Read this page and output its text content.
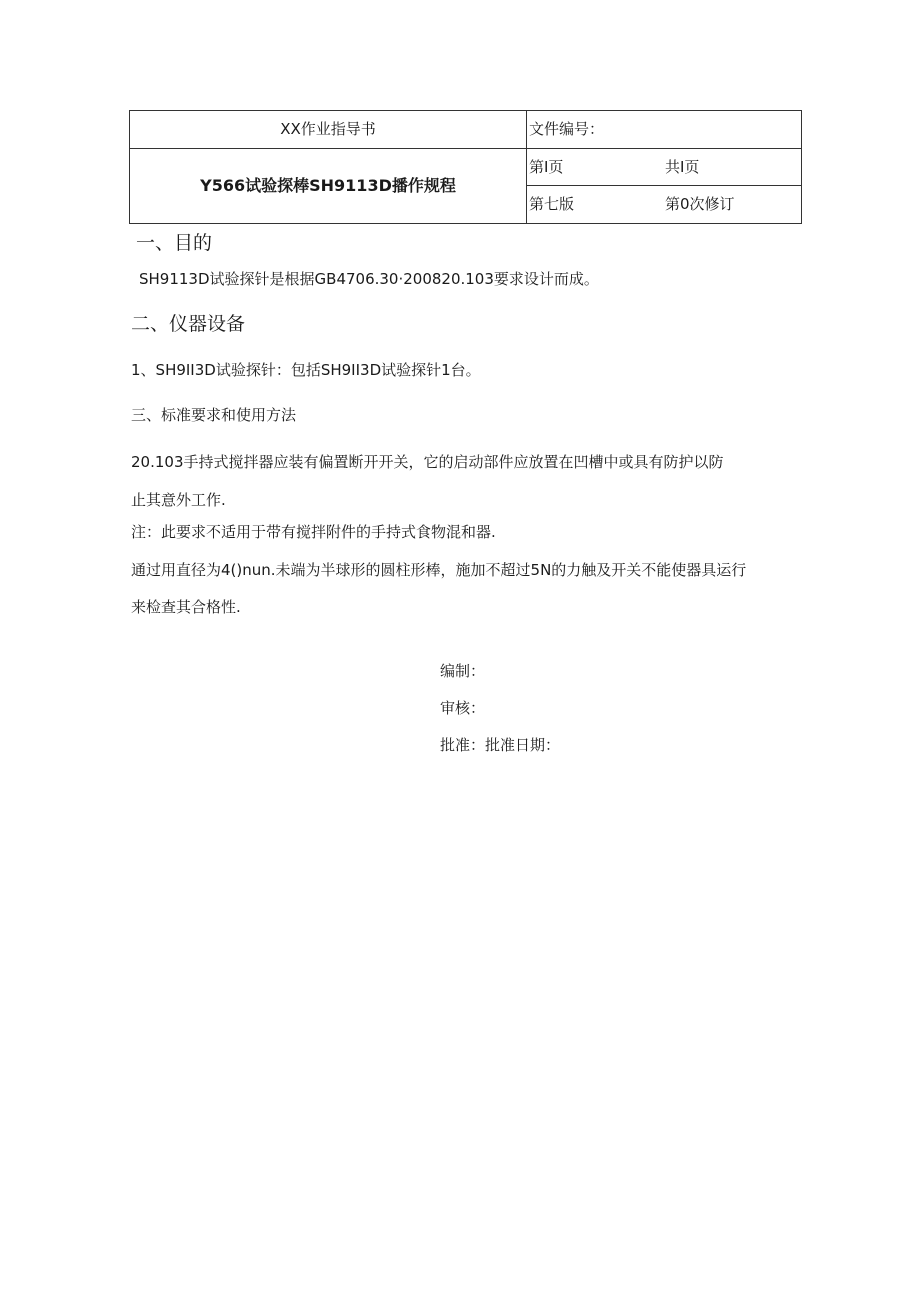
XX作业指导书	文件编号：
Y566试验探棒SH9113D播作规程	第I页 共I页

	第七版 第0次修订
一、目的
SH9113D试验探针是根据GB4706.30·200820.103要求设计而成。
二、仪器设备
1、SH9II3D试验探针：包括SH9II3D试验探针1台。
三、标准要求和使用方法
20.103手持式搅拌器应装有偏置断开开关，它的启动部件应放置在凹槽中或具有防护以防
止其意外工作.
注：此要求不适用于带有搅拌附件的手持式食物混和器.
通过用直径为4()nun.未端为半球形的圆柱形棒，施加不超过5N的力触及开关不能使器具运行
来检查其合格性.
编制：
审核：
批准：批准日期：
